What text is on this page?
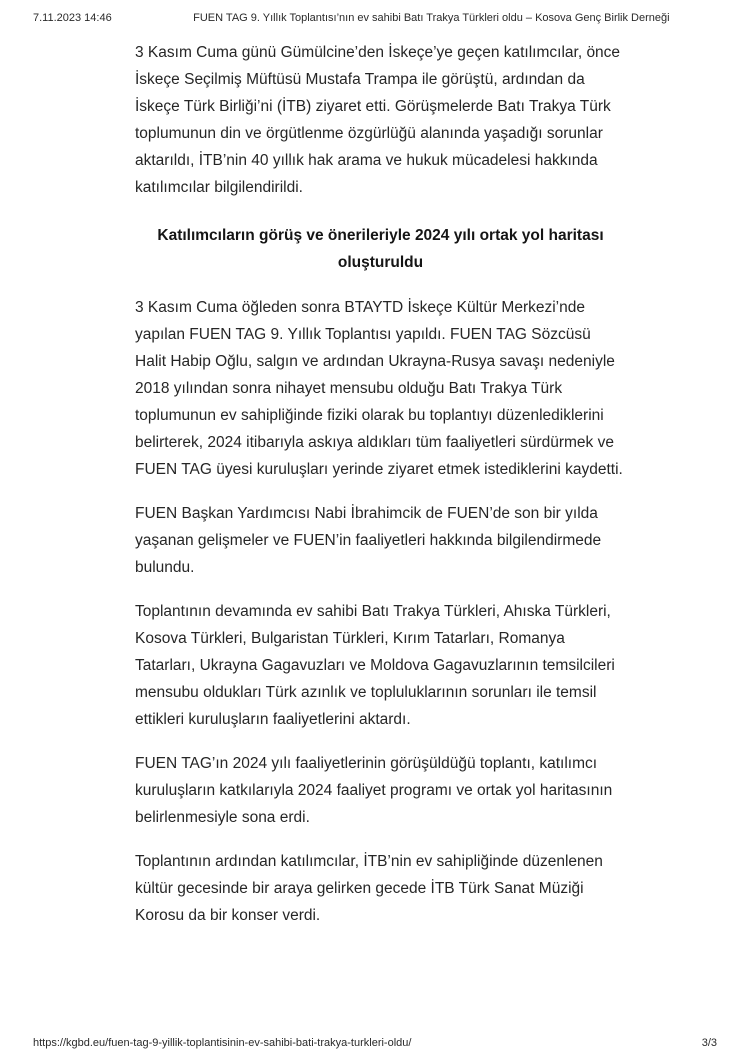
7.11.2023 14:46	FUEN TAG 9. Yıllık Toplantısı’nın ev sahibi Batı Trakya Türkleri oldu – Kosova Genç Birlik Derneği

3 Kasım Cuma günü Gümülcine’den İskeçe’ye geçen katılımcılar, önce İskeçe Seçilmiş Müftüsü Mustafa Trampa ile görüştü, ardından da İskeçe Türk Birliği’ni (İTB) ziyaret etti. Görüşmelerde Batı Trakya Türk toplumunun din ve örgütlenme özgürlüğü alanında yaşadığı sorunlar aktarıldı, İTB’nin 40 yıllık hak arama ve hukuk mücadelesi hakkında katılımcılar bilgilendirildi.

Katılımcıların görüş ve önerileriyle 2024 yılı ortak yol haritası oluşturuldu

3 Kasım Cuma öğleden sonra BTAYTD İskeçe Kültür Merkezi’nde yapılan FUEN TAG 9. Yıllık Toplantısı yapıldı. FUEN TAG Sözcüsü Halit Habip Oğlu, salgın ve ardından Ukrayna-Rusya savaşı nedeniyle 2018 yılından sonra nihayet mensubu olduğu Batı Trakya Türk toplumunun ev sahipliğinde fiziki olarak bu toplantıyı düzenlediklerini belirterek, 2024 itibarıyla askıya aldıkları tüm faaliyetleri sürdürmek ve FUEN TAG üyesi kuruluşları yerinde ziyaret etmek istediklerini kaydetti.

FUEN Başkan Yardımcısı Nabi İbrahimcik de FUEN’de son bir yılda yaşanan gelişmeler ve FUEN’in faaliyetleri hakkında bilgilendirmede bulundu.

Toplantının devamında ev sahibi Batı Trakya Türkleri, Ahıska Türkleri, Kosova Türkleri, Bulgaristan Türkleri, Kırım Tatarları, Romanya Tatarları, Ukrayna Gagavuzları ve Moldova Gagavuzlarının temsilcileri mensubu oldukları Türk azınlık ve topluluklarının sorunları ile temsil ettikleri kuruluşların faaliyetlerini aktardı.

FUEN TAG’ın 2024 yılı faaliyetlerinin görüşüldüğü toplantı, katılımcı kuruluşların katkılarıyla 2024 faaliyet programı ve ortak yol haritasının belirlenmesiyle sona erdi.

Toplantının ardından katılımcılar, İTB’nin ev sahipliğinde düzenlenen kültür gecesinde bir araya gelirken gecede İTB Türk Sanat Müziği Korosu da bir konser verdi.

https://kgbd.eu/fuen-tag-9-yillik-toplantisinin-ev-sahibi-bati-trakya-turkleri-oldu/	3/3
